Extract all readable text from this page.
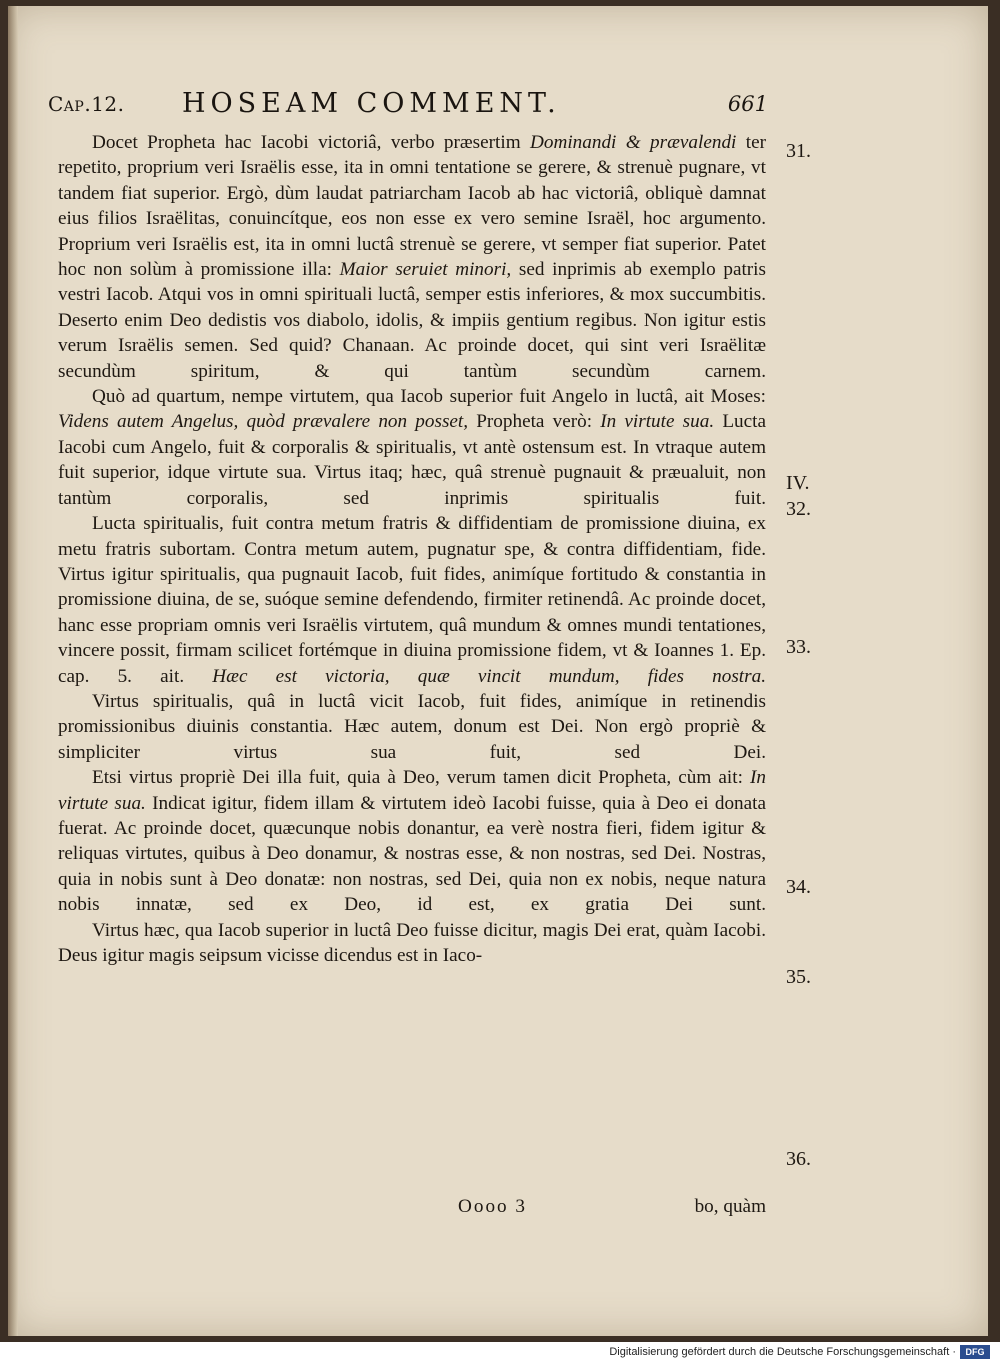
Cap.12. HOSEAM COMMENT.	661

Docet Propheta hac Iacobi victoriâ, verbo præsertim Dominandi & prævalendi ter repetito, proprium veri Israëlis esse, ita in omni tentatione se gerere, & strenuè pugnare, vt tandem fiat superior. Ergò, dùm laudat patriarcham Iacob ab hac victoriâ, obliquè damnat eius filios Israëlitas, conuincítque, eos non esse ex vero semine Israël, hoc argumento. Proprium veri Israëlis est, ita in omni luctâ strenuè se gerere, vt semper fiat superior. Patet hoc non solùm à promissione illa: Maior seruiet minori, sed inprimis ab exemplo patris vestri Iacob. Atqui vos in omni spirituali luctâ, semper estis inferiores, & mox succumbitis. Deserto enim Deo dedistis vos diabolo, idolis, & impiis gentium regibus. Non igitur estis verum Israëlis semen. Sed quid? Chanaan. Ac proinde docet, qui sint veri Israëlitæ secundùm spiritum, & qui tantùm secundùm carnem.

Quò ad quartum, nempe virtutem, qua Iacob superior fuit Angelo in luctâ, ait Moses: Videns autem Angelus, quòd prævalere non posset, Propheta verò: In virtute sua. Lucta Iacobi cum Angelo, fuit & corporalis & spiritualis, vt antè ostensum est. In vtraque autem fuit superior, idque virtute sua. Virtus itaq; hæc, quâ strenuè pugnauit & præualuit, non tantùm corporalis, sed inprimis spiritualis fuit.

Lucta spiritualis, fuit contra metum fratris & diffidentiam de promissione diuina, ex metu fratris subortam. Contra metum autem, pugnatur spe, & contra diffidentiam, fide. Virtus igitur spiritualis, qua pugnauit Iacob, fuit fides, animíque fortitudo & constantia in promissione diuina, de se, suóque semine defendendo, firmiter retinendâ. Ac proinde docet, hanc esse propriam omnis veri Israëlis virtutem, quâ mundum & omnes mundi tentationes, vincere possit, firmam scilicet fortémque in diuina promissione fidem, vt & Ioannes 1. Ep. cap. 5. ait. Hæc est victoria, quæ vincit mundum, fides nostra.

Virtus spiritualis, quâ in luctâ vicit Iacob, fuit fides, animíque in retinendis promissionibus diuinis constantia. Hæc autem, donum est Dei. Non ergò propriè & simpliciter virtus sua fuit, sed Dei.

Etsi virtus propriè Dei illa fuit, quia à Deo, verum tamen dicit Propheta, cùm ait: In virtute sua. Indicat igitur, fidem illam & virtutem ideò Iacobi fuisse, quia à Deo ei donata fuerat. Ac proinde docet, quæcunque nobis donantur, ea verè nostra fieri, fidem igitur & reliquas virtutes, quibus à Deo donamur, & nostras esse, & non nostras, sed Dei. Nostras, quia in nobis sunt à Deo donatæ: non nostras, sed Dei, quia non ex nobis, neque natura nobis innatæ, sed ex Deo, id est, ex gratia Dei sunt.

Virtus hæc, qua Iacob superior in luctâ Deo fuisse dicitur, magis Dei erat, quàm Iacobi. Deus igitur magis seipsum vicisse dicendus est in Iaco-

31.
IV.
32.
33.
34.
35.
36.
Oooo 3	bo, quàm
Digitalisierung gefördert durch die Deutsche Forschungsgemeinschaft ·	DFG
